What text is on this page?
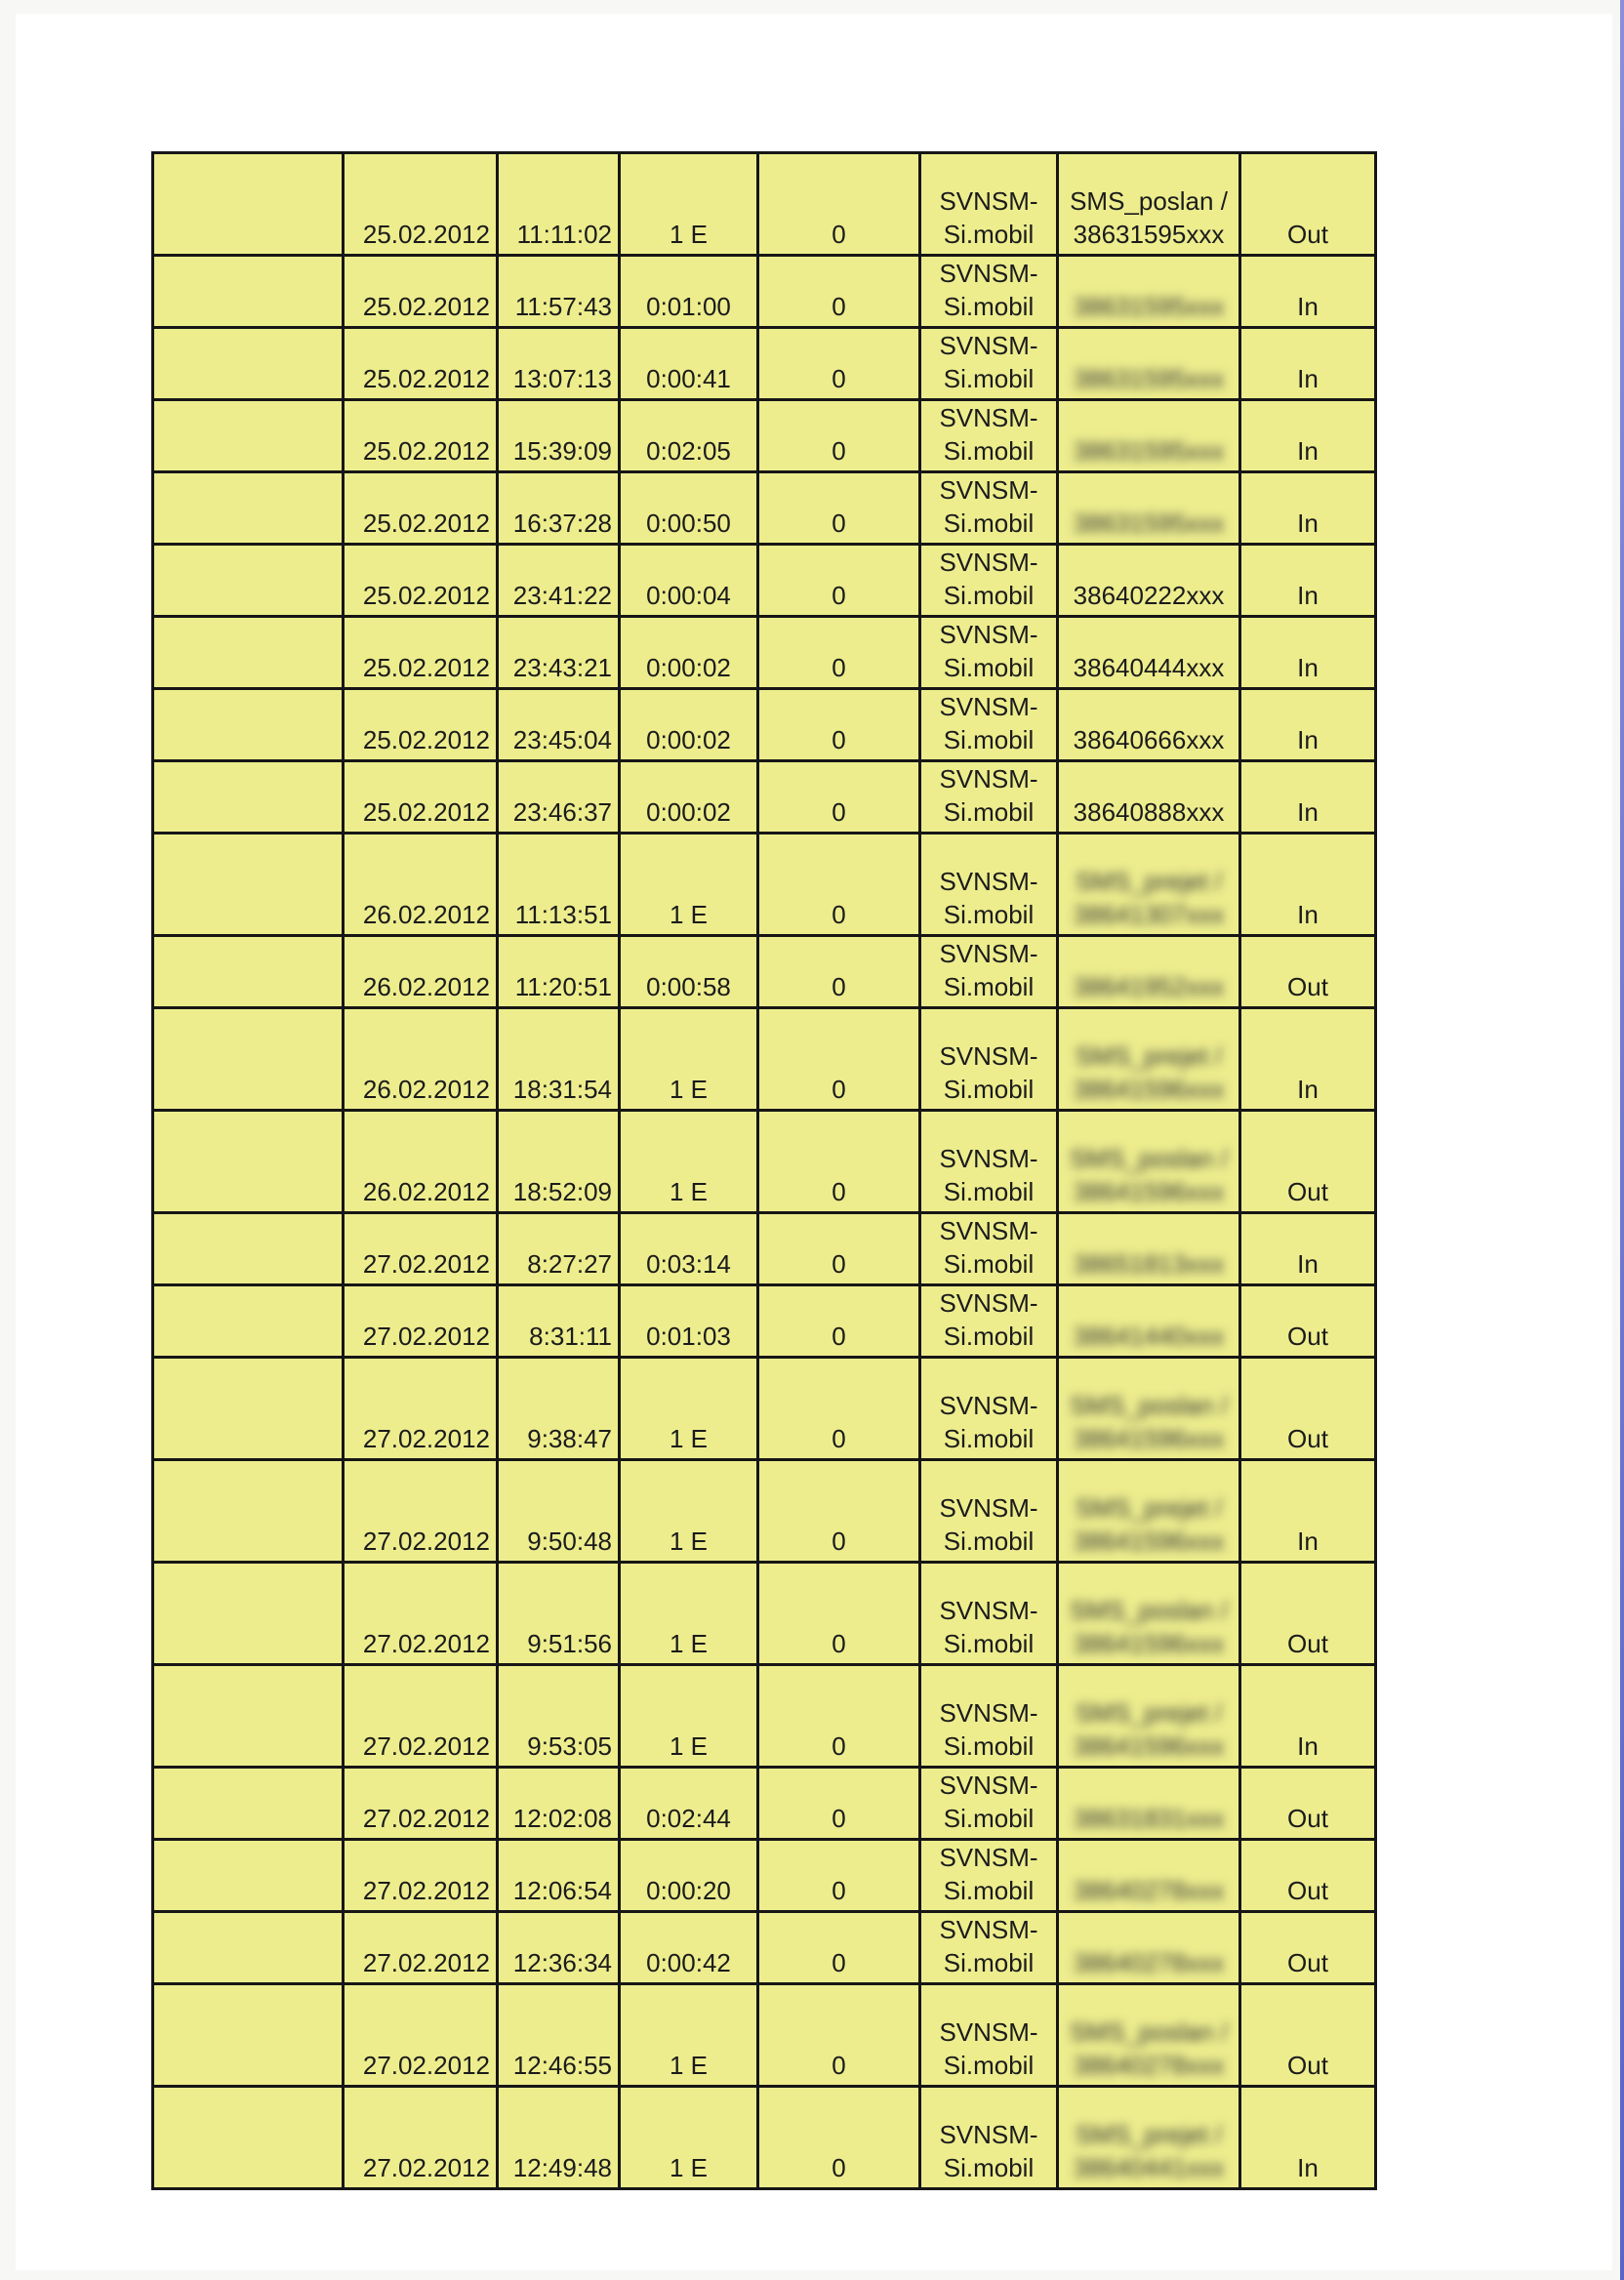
	25.02.2012	11:11:02	1 E	0	SVNSM-
Si.mobil	SMS_poslan /
38631595xxx	Out
	25.02.2012	11:57:43	0:01:00	0	SVNSM-
Si.mobil	38631595xxx	In
	25.02.2012	13:07:13	0:00:41	0	SVNSM-
Si.mobil	38631595xxx	In
	25.02.2012	15:39:09	0:02:05	0	SVNSM-
Si.mobil	38631595xxx	In
	25.02.2012	16:37:28	0:00:50	0	SVNSM-
Si.mobil	38631595xxx	In
	25.02.2012	23:41:22	0:00:04	0	SVNSM-
Si.mobil	38640222xxx	In
	25.02.2012	23:43:21	0:00:02	0	SVNSM-
Si.mobil	38640444xxx	In
	25.02.2012	23:45:04	0:00:02	0	SVNSM-
Si.mobil	38640666xxx	In
	25.02.2012	23:46:37	0:00:02	0	SVNSM-
Si.mobil	38640888xxx	In
	26.02.2012	11:13:51	1 E	0	SVNSM-
Si.mobil	SMS_prejet /
38641307xxx	In
	26.02.2012	11:20:51	0:00:58	0	SVNSM-
Si.mobil	38641952xxx	Out
	26.02.2012	18:31:54	1 E	0	SVNSM-
Si.mobil	SMS_prejet /
38641596xxx	In
	26.02.2012	18:52:09	1 E	0	SVNSM-
Si.mobil	SMS_poslan /
38641596xxx	Out
	27.02.2012	8:27:27	0:03:14	0	SVNSM-
Si.mobil	38651813xxx	In
	27.02.2012	8:31:11	0:01:03	0	SVNSM-
Si.mobil	38641440xxx	Out
	27.02.2012	9:38:47	1 E	0	SVNSM-
Si.mobil	SMS_poslan /
38641596xxx	Out
	27.02.2012	9:50:48	1 E	0	SVNSM-
Si.mobil	SMS_prejet /
38641596xxx	In
	27.02.2012	9:51:56	1 E	0	SVNSM-
Si.mobil	SMS_poslan /
38641596xxx	Out
	27.02.2012	9:53:05	1 E	0	SVNSM-
Si.mobil	SMS_prejet /
38641596xxx	In
	27.02.2012	12:02:08	0:02:44	0	SVNSM-
Si.mobil	38631831xxx	Out
	27.02.2012	12:06:54	0:00:20	0	SVNSM-
Si.mobil	38640278xxx	Out
	27.02.2012	12:36:34	0:00:42	0	SVNSM-
Si.mobil	38640278xxx	Out
	27.02.2012	12:46:55	1 E	0	SVNSM-
Si.mobil	SMS_poslan /
38640278xxx	Out
	27.02.2012	12:49:48	1 E	0	SVNSM-
Si.mobil	SMS_prejet /
38640441xxx	In
